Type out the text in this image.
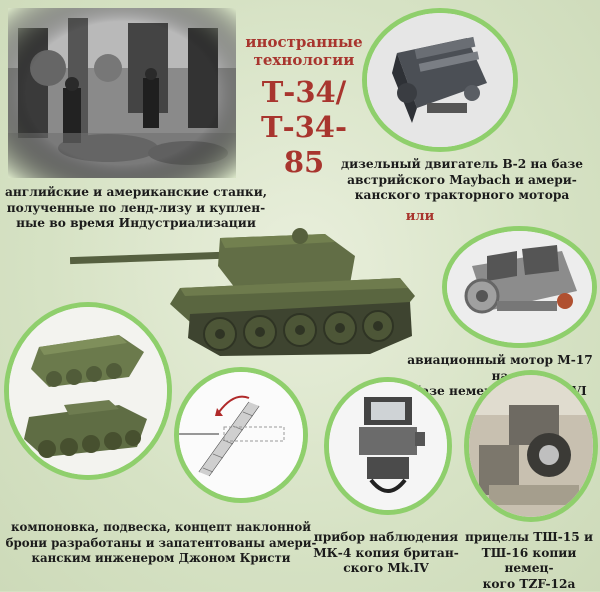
иностранные
технологии
Т-34/
Т-34-85
английские и американские станки,
полученные по ленд-лизу и куплен-
ные во время Индустриализации
дизельный двигатель В-2 на базе
австрийского Maybach и амери-
канского тракторного мотора
или
авиационный мотор М-17
компоновка, подвеска, концепт наклонной
брони разработаны и запатентованы амери-
канским инженером Джоном Кристи
прибор наблюдения
МК-4 копия британ-
ского Mk.IV
прицелы ТШ-15 и
ТШ-16 копии немец-
кого TZF-12а
